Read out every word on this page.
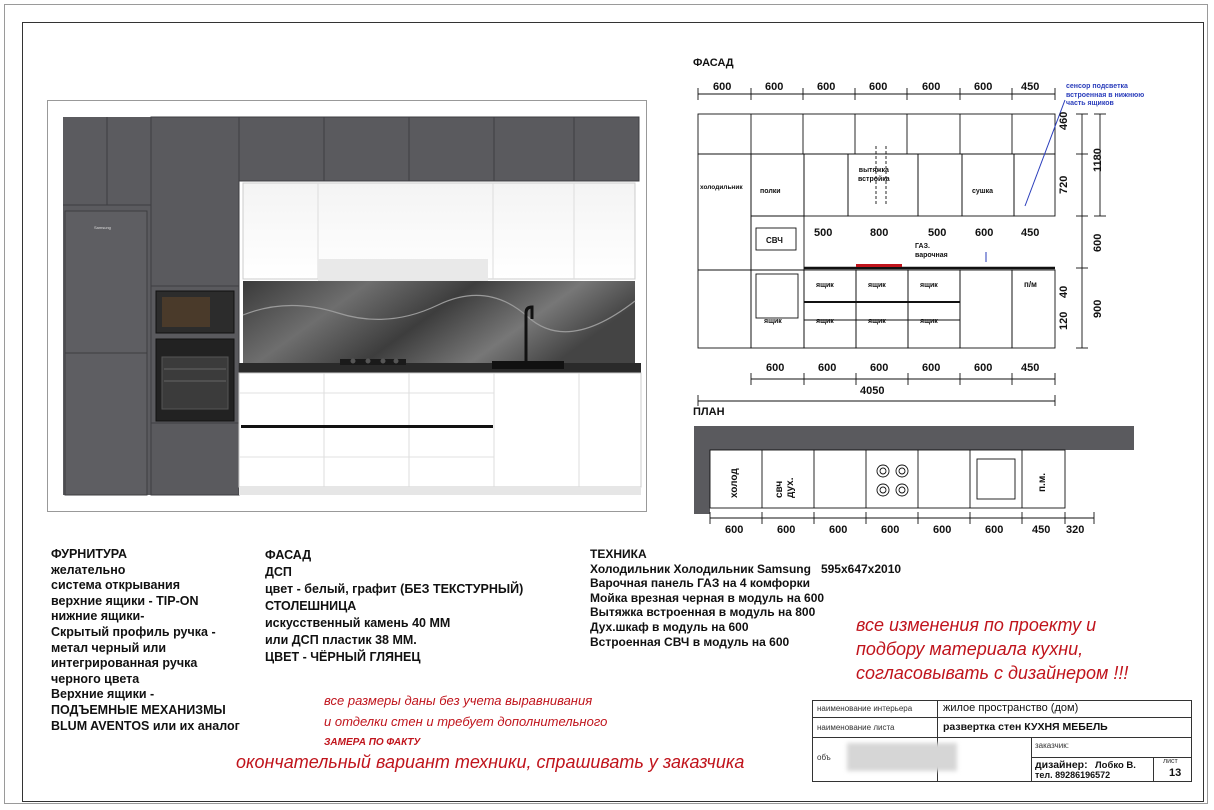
Samsung
ФАСАД
600	600	600	600	600	600	450	сенсор подсветка
встроенная в нижнюю
часть ящиков
холодильник
полки
вытяжка
встройка
сушка
СВЧ
ГАЗ.
варочная
ящик	ящик	ящик
ящик	ящик	ящик	ящик
п/м
500	800	500	600	450
600	600	600	600	600	450
4050
460
720
1180
600
40
120
900
ПЛАН
холод	свч дух.	п.м.
600	600	600	600	600	600	450 320
ФУРНИТУРА
желательно
система открывания
верхние ящики - TIP-ON
нижние ящики-
Скрытый профиль ручка -
метал черный или
интегрированная ручка
черного цвета
Верхние ящики -
ПОДЪЕМНЫЕ МЕХАНИЗМЫ
BLUM AVENTOS или их аналог
ФАСАД
ДСП
цвет - белый, графит (БЕЗ ТЕКСТУРНЫЙ)
СТОЛЕШНИЦА
искусственный камень 40 ММ
или ДСП пластик 38 ММ.
ЦВЕТ - ЧЁРНЫЙ ГЛЯНЕЦ
ТЕХНИКА
Холодильник Холодильник Samsung   595x647x2010
Варочная панель ГАЗ на 4 комфорки
Мойка врезная черная в модуль на 600
Вытяжка встроенная в модуль на 800
Дух.шкаф в модуль на 600
Встроенная СВЧ в модуль на 600
все изменения по проекту и
подбору материала кухни,
согласовывать с дизайнером !!!
все размеры даны без учета выравнивания
и отделки стен и требует дополнительного
ЗАМЕРА ПО ФАКТУ
окончательный вариант техники, спрашивать у заказчика
наименование интерьера	жилое пространство (дом)
наименование листа	развертка стен КУХНЯ МЕБЕЛЬ
объ
заказчик:
дизайнер: Лобко В.
тел. 89286196572
лист
13
